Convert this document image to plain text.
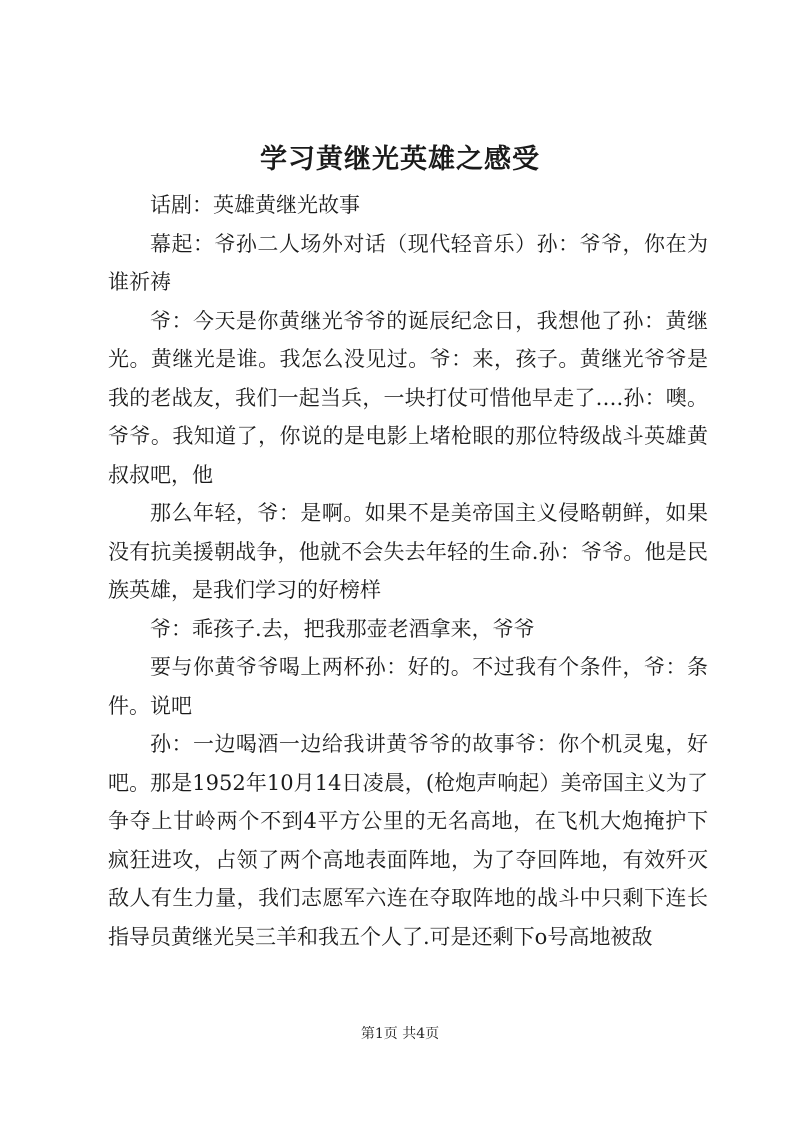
学习黄继光英雄之感受

话剧：英雄黄继光故事

幕起：爷孙二人场外对话（现代轻音乐）孙：爷爷，你在为谁祈祷

爷：今天是你黄继光爷爷的诞辰纪念日，我想他了孙：黄继光。黄继光是谁。我怎么没见过。爷：来，孩子。黄继光爷爷是我的老战友，我们一起当兵，一块打仗可惜他早走了….孙：噢。爷爷。我知道了，你说的是电影上堵枪眼的那位特级战斗英雄黄叔叔吧，他

那么年轻，爷：是啊。如果不是美帝国主义侵略朝鲜，如果没有抗美援朝战争，他就不会失去年轻的生命.孙：爷爷。他是民族英雄，是我们学习的好榜样

爷：乖孩子.去，把我那壶老酒拿来，爷爷

要与你黄爷爷喝上两杯孙：好的。不过我有个条件，爷：条件。说吧

孙：一边喝酒一边给我讲黄爷爷的故事爷：你个机灵鬼，好吧。那是1952年10月14日凌晨，(枪炮声响起）美帝国主义为了争夺上甘岭两个不到4平方公里的无名高地，在飞机大炮掩护下疯狂进攻，占领了两个高地表面阵地，为了夺回阵地，有效歼灭敌人有生力量，我们志愿军六连在夺取阵地的战斗中只剩下连长指导员黄继光吴三羊和我五个人了.可是还剩下o号高地被敌

第1页 共4页
